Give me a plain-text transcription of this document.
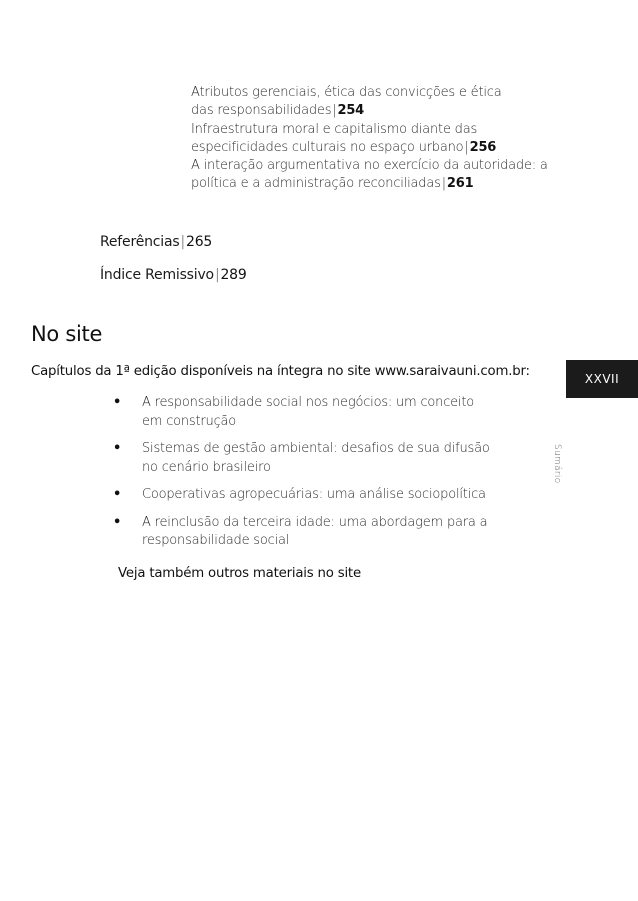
Atributos gerenciais, ética das convicções e ética
das responsabilidades|254

Infraestrutura moral e capitalismo diante das
especificidades culturais no espaço urbano|256

A interação argumentativa no exercício da autoridade: a
política e a administração reconciliadas|261

Referências|265
Índice Remissivo|289
No site
Capítulos da 1ª edição disponíveis na íntegra no site www.saraivauni.com.br:
• A responsabilidade social nos negócios: um conceito em construção
• Sistemas de gestão ambiental: desafios de sua difusão no cenário brasileiro
• Cooperativas agropecuárias: uma análise sociopolítica
• A reinclusão da terceira idade: uma abordagem para a responsabilidade social
Veja também outros materiais no site
XXVII
Sumário
